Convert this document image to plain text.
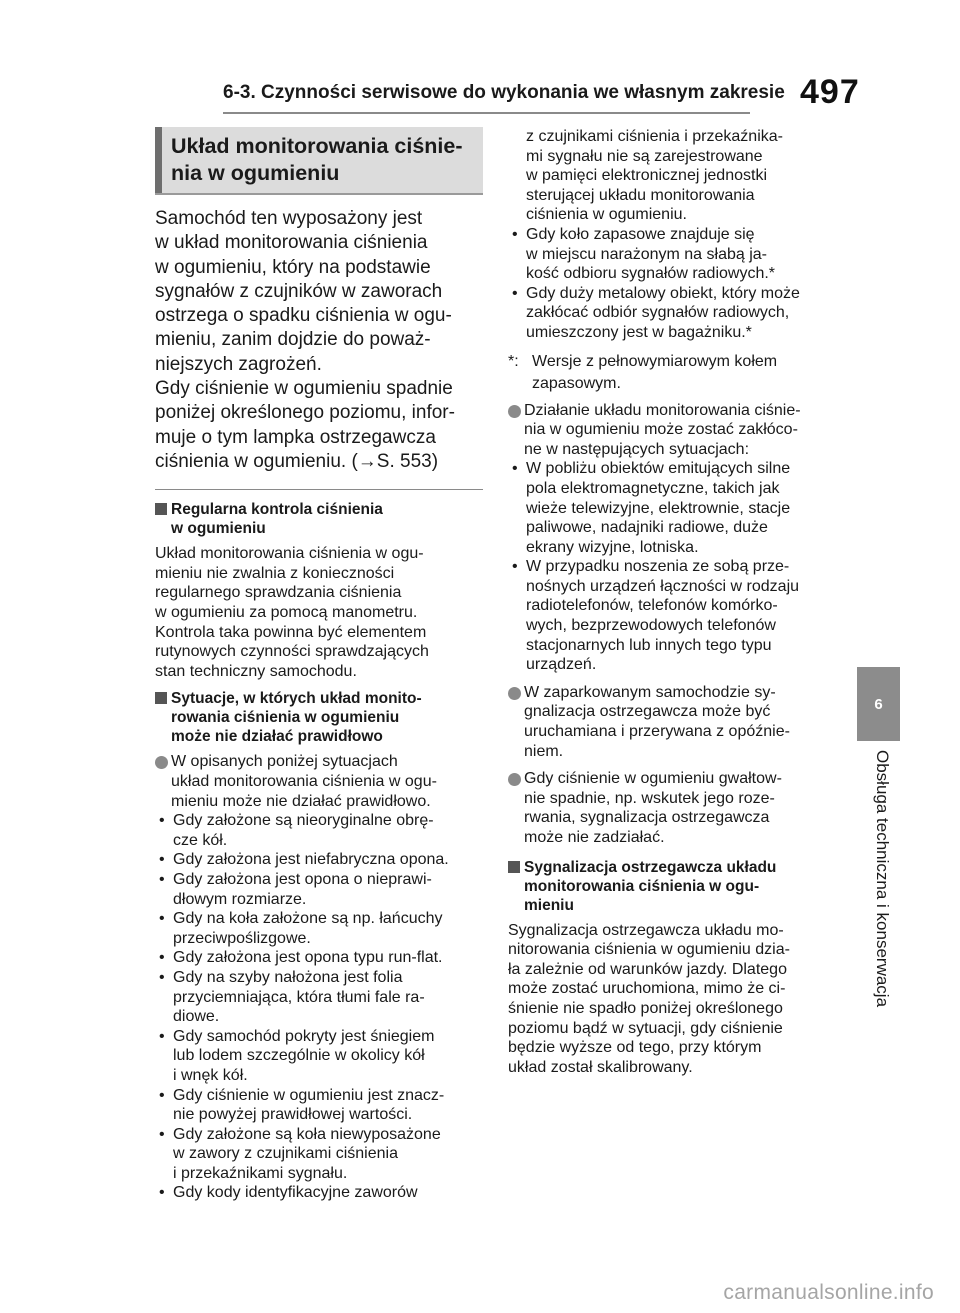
6-3. Czynności serwisowe do wykonania we własnym zakresie 497
6
Obsługa techniczna i konserwacja
Układ monitorowania ciśnie-
nia w ogumieniu
Samochód ten wyposażony jest
w układ monitorowania ciśnienia
w ogumieniu, który na podstawie
sygnałów z czujników w zaworach
ostrzega o spadku ciśnienia w ogu-
mieniu, zanim dojdzie do poważ-
niejszych zagrożeń.
Gdy ciśnienie w ogumieniu spadnie
poniżej określonego poziomu, infor-
muje o tym lampka ostrzegawcza
ciśnienia w ogumieniu. (→S. 553)
Regularna kontrola ciśnienia
w ogumieniu
Układ monitorowania ciśnienia w ogu-
mieniu nie zwalnia z konieczności
regularnego sprawdzania ciśnienia
w ogumieniu za pomocą manometru.
Kontrola taka powinna być elementem
rutynowych czynności sprawdzających
stan techniczny samochodu.
Sytuacje, w których układ monito-
rowania ciśnienia w ogumieniu
może nie działać prawidłowo
W opisanych poniżej sytuacjach
układ monitorowania ciśnienia w ogu-
mieniu może nie działać prawidłowo.
• Gdy założone są nieoryginalne obrę-
cze kół.
• Gdy założona jest niefabryczna opona.
• Gdy założona jest opona o nieprawi-
dłowym rozmiarze.
• Gdy na koła założone są np. łańcuchy
przeciwpoślizgowe.
• Gdy założona jest opona typu run-flat.
• Gdy na szyby nałożona jest folia
przyciemniająca, która tłumi fale ra-
diowe.
• Gdy samochód pokryty jest śniegiem
lub lodem szczególnie w okolicy kół
i wnęk kół.
• Gdy ciśnienie w ogumieniu jest znacz-
nie powyżej prawidłowej wartości.
• Gdy założone są koła niewyposażone
w zawory z czujnikami ciśnienia
i przekaźnikami sygnału.
• Gdy kody identyfikacyjne zaworów
z czujnikami ciśnienia i przekaźnika-
mi sygnału nie są zarejestrowane
w pamięci elektronicznej jednostki
sterującej układu monitorowania
ciśnienia w ogumieniu.
• Gdy koło zapasowe znajduje się
w miejscu narażonym na słabą ja-
kość odbioru sygnałów radiowych.*
• Gdy duży metalowy obiekt, który może
zakłócać odbiór sygnałów radiowych,
umieszczony jest w bagażniku.*
*: Wersje z pełnowymiarowym kołem
zapasowym.
Działanie układu monitorowania ciśnie-
nia w ogumieniu może zostać zakłóco-
ne w następujących sytuacjach:
• W pobliżu obiektów emitujących silne
pola elektromagnetyczne, takich jak
wieże telewizyjne, elektrownie, stacje
paliwowe, nadajniki radiowe, duże
ekrany wizyjne, lotniska.
• W przypadku noszenia ze sobą prze-
nośnych urządzeń łączności w rodzaju
radiotelefonów, telefonów komórko-
wych, bezprzewodowych telefonów
stacjonarnych lub innych tego typu
urządzeń.
W zaparkowanym samochodzie sy-
gnalizacja ostrzegawcza może być
uruchamiana i przerywana z opóźnie-
niem.
Gdy ciśnienie w ogumieniu gwałtow-
nie spadnie, np. wskutek jego roze-
rwania, sygnalizacja ostrzegawcza
może nie zadziałać.
Sygnalizacja ostrzegawcza układu
monitorowania ciśnienia w ogu-
mieniu
Sygnalizacja ostrzegawcza układu mo-
nitorowania ciśnienia w ogumieniu dzia-
ła zależnie od warunków jazdy. Dlatego
może zostać uruchomiona, mimo że ci-
śnienie nie spadło poniżej określonego
poziomu bądź w sytuacji, gdy ciśnienie
będzie wyższe od tego, przy którym
układ został skalibrowany.
carmanualsonline.info
